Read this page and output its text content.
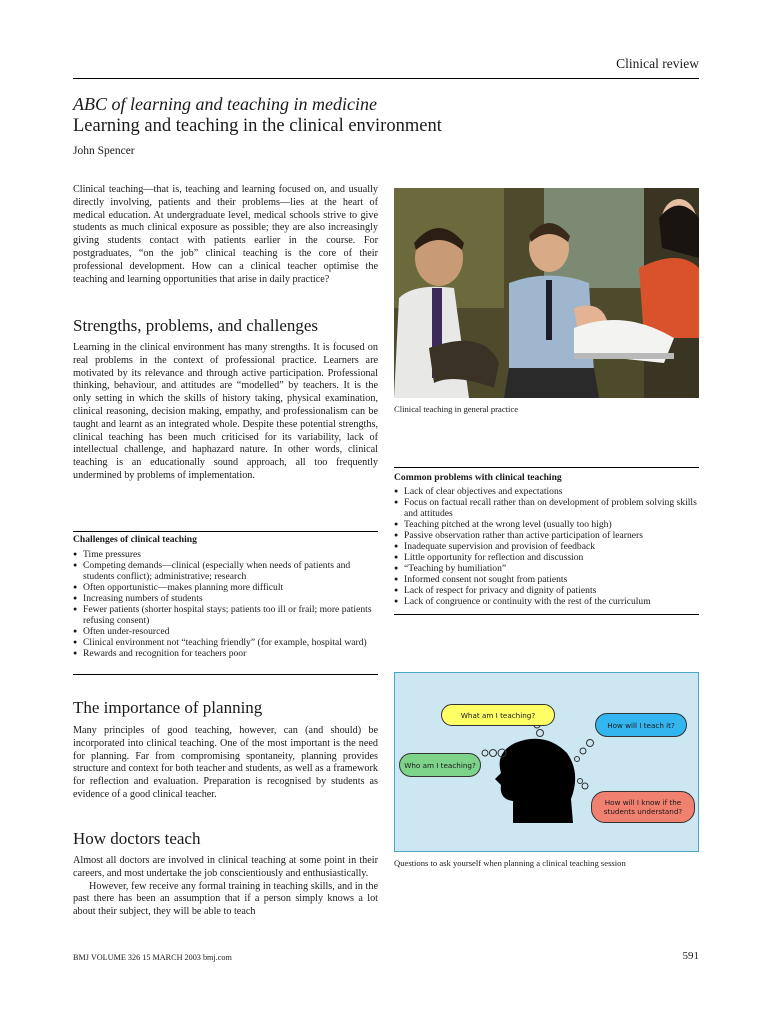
Clinical review
ABC of learning and teaching in medicine
Learning and teaching in the clinical environment
John Spencer

Clinical teaching—that is, teaching and learning focused on, and usually directly involving, patients and their problems—lies at the heart of medical education. At undergraduate level, medical schools strive to give students as much clinical exposure as possible; they are also increasingly giving students contact with patients earlier in the course. For postgraduates, “on the job” clinical teaching is the core of their professional development. How can a clinical teacher optimise the teaching and learning opportunities that arise in daily practice?

Strengths, problems, and challenges

Learning in the clinical environment has many strengths. It is focused on real problems in the context of professional practice. Learners are motivated by its relevance and through active participation. Professional thinking, behaviour, and attitudes are “modelled” by teachers. It is the only setting in which the skills of history taking, physical examination, clinical reasoning, decision making, empathy, and professionalism can be taught and learnt as an integrated whole. Despite these potential strengths, clinical teaching has been much criticised for its variability, lack of intellectual challenge, and haphazard nature. In other words, clinical teaching is an educationally sound approach, all too frequently undermined by problems of implementation.

Challenges of clinical teaching
● Time pressures
● Competing demands—clinical (especially when needs of patients and students conflict); administrative; research
● Often opportunistic—makes planning more difficult
● Increasing numbers of students
● Fewer patients (shorter hospital stays; patients too ill or frail; more patients refusing consent)
● Often under-resourced
● Clinical environment not “teaching friendly” (for example, hospital ward)
● Rewards and recognition for teachers poor
The importance of planning

Many principles of good teaching, however, can (and should) be incorporated into clinical teaching. One of the most important is the need for planning. Far from compromising spontaneity, planning provides structure and context for both teacher and students, as well as a framework for reflection and evaluation. Preparation is recognised by students as evidence of a good clinical teacher.

How doctors teach

Almost all doctors are involved in clinical teaching at some point in their careers, and most undertake the job conscientiously and enthusiastically.

However, few receive any formal training in teaching skills, and in the past there has been an assumption that if a person simply knows a lot about their subject, they will be able to teach

Clinical teaching in general practice
Common problems with clinical teaching
● Lack of clear objectives and expectations
● Focus on factual recall rather than on development of problem solving skills and attitudes
● Teaching pitched at the wrong level (usually too high)
● Passive observation rather than active participation of learners
● Inadequate supervision and provision of feedback
● Little opportunity for reflection and discussion
● “Teaching by humiliation”
● Informed consent not sought from patients
● Lack of respect for privacy and dignity of patients
● Lack of congruence or continuity with the rest of the curriculum
What am I teaching?
How will I teach it?
Who am I teaching?
How will I know if the students understand?
Questions to ask yourself when planning a clinical teaching session
BMJ VOLUME 326 15 MARCH 2003 bmj.com	591
